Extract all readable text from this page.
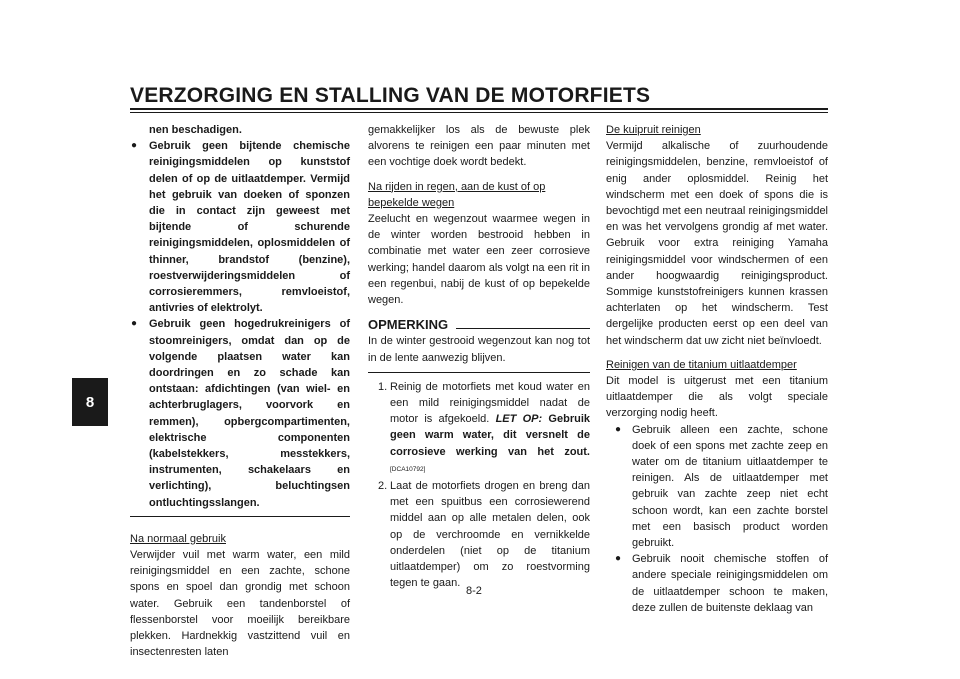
VERZORGING EN STALLING VAN DE MOTORFIETS
8
nen beschadigen.
● Gebruik geen bijtende chemische reinigingsmiddelen op kunststof delen of op de uitlaatdemper. Vermijd het gebruik van doeken of sponzen die in contact zijn geweest met bijtende of schurende reinigingsmiddelen, oplosmiddelen of thinner, brandstof (benzine), roestverwijderingsmiddelen of corrosieremmers, remvloeistof, antivries of elektrolyt.
● Gebruik geen hogedrukreinigers of stoomreinigers, omdat dan op de volgende plaatsen water kan doordringen en zo schade kan ontstaan: afdichtingen (van wiel- en achterbruglagers, voorvork en remmen), opbergcompartimenten, elektrische componenten (kabelstekkers, messtekkers, instrumenten, schakelaars en verlichting), beluchtingsen ontluchtingsslangen.
Na normaal gebruik
Verwijder vuil met warm water, een mild reinigingsmiddel en een zachte, schone spons en spoel dan grondig met schoon water. Gebruik een tandenborstel of flessenborstel voor moeilijk bereikbare plekken. Hardnekkig vastzittend vuil en insectenresten laten
gemakkelijker los als de bewuste plek alvorens te reinigen een paar minuten met een vochtige doek wordt bedekt.
Na rijden in regen, aan de kust of op bepekelde wegen
Zeelucht en wegenzout waarmee wegen in de winter worden bestrooid hebben in combinatie met water een zeer corrosieve werking; handel daarom als volgt na een rit in een regenbui, nabij de kust of op bepekelde wegen.
OPMERKING
In de winter gestrooid wegenzout kan nog tot in de lente aanwezig blijven.
1. Reinig de motorfiets met koud water en een mild reinigingsmiddel nadat de motor is afgekoeld. LET OP: Gebruik geen warm water, dit versnelt de corrosieve werking van het zout.[DCA10792]
2. Laat de motorfiets drogen en breng dan met een spuitbus een corrosiewerend middel aan op alle metalen delen, ook op de verchroomde en vernikkelde onderdelen (niet op de titanium uitlaatdemper) om zo roestvorming tegen te gaan.
De kuipruit reinigen
Vermijd alkalische of zuurhoudende reinigingsmiddelen, benzine, remvloeistof of enig ander oplosmiddel. Reinig het windscherm met een doek of spons die is bevochtigd met een neutraal reinigingsmiddel en was het vervolgens grondig af met water. Gebruik voor extra reiniging Yamaha reinigingsmiddel voor windschermen of een ander hoogwaardig reinigingsproduct. Sommige kunststofreinigers kunnen krassen achterlaten op het windscherm. Test dergelijke producten eerst op een deel van het windscherm dat uw zicht niet beïnvloedt.
Reinigen van de titanium uitlaatdemper
Dit model is uitgerust met een titanium uitlaatdemper die als volgt speciale verzorging nodig heeft.
● Gebruik alleen een zachte, schone doek of een spons met zachte zeep en water om de titanium uitlaatdemper te reinigen. Als de uitlaatdemper met gebruik van zachte zeep niet echt schoon wordt, kan een zachte borstel met een basisch product worden gebruikt.
● Gebruik nooit chemische stoffen of andere speciale reinigingsmiddelen om de uitlaatdemper schoon te maken, deze zullen de buitenste deklaag van
8-2
